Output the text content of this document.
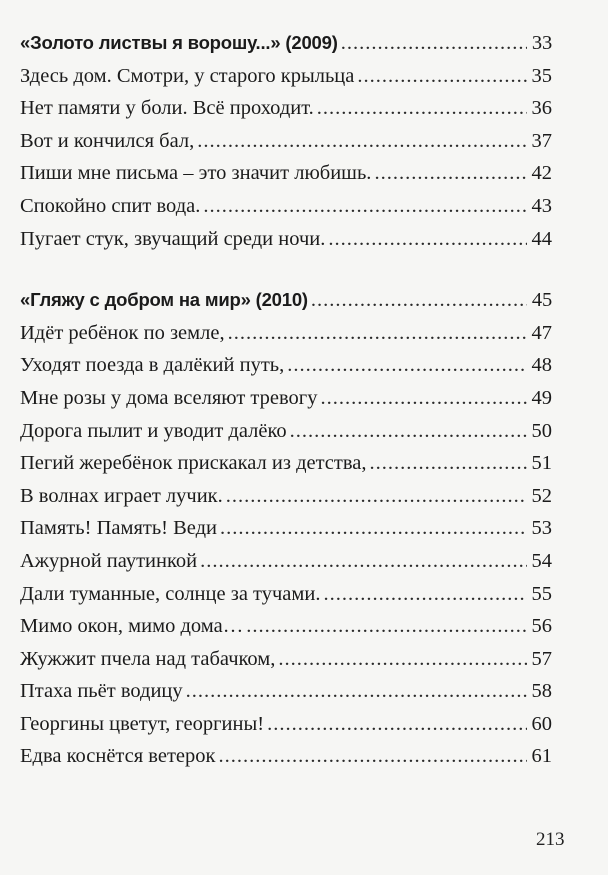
«Золото листвы я ворошу...» (2009) .....	33
Здесь дом. Смотри, у старого крыльца .....	35
Нет памяти у боли. Всё проходит. .....	36
Вот и кончился бал, .....	37
Пиши мне письма – это значит любишь. .....	42
Спокойно спит вода. .....	43
Пугает стук, звучащий среди ночи. .....	44
«Гляжу с добром на мир» (2010) .....	45
Идёт ребёнок по земле, .....	47
Уходят поезда в далёкий путь, .....	48
Мне розы у дома вселяют тревогу .....	49
Дорога пылит и уводит далёко .....	50
Пегий жеребёнок прискакал из детства, .....	51
В волнах играет лучик. .....	52
Память! Память! Веди .....	53
Ажурной паутинкой .....	54
Дали туманные, солнце за тучами. .....	55
Мимо окон, мимо дома… .....	56
Жужжит пчела над табачком, .....	57
Птаха пьёт водицу .....	58
Георгины цветут, георгины! .....	60
Едва коснётся ветерок .....	61
213
